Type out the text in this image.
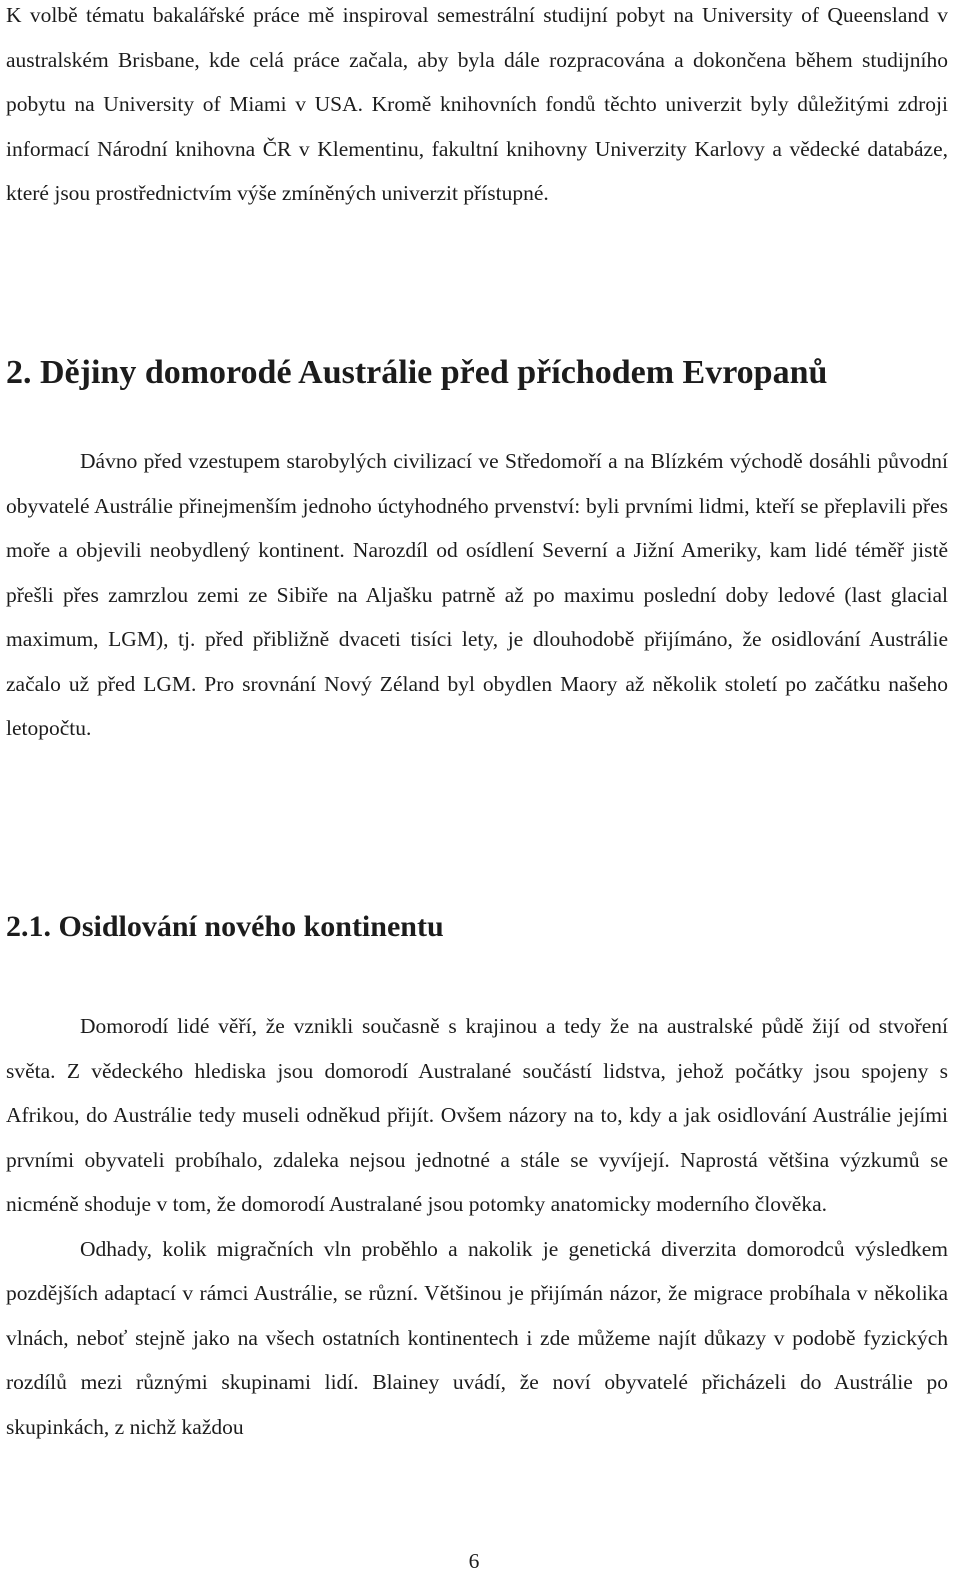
K volbě tématu bakalářské práce mě inspiroval semestrální studijní pobyt na University of Queensland v australském Brisbane, kde celá práce začala, aby byla dále rozpracována a dokončena během studijního pobytu na University of Miami v USA. Kromě knihovních fondů těchto univerzit byly důležitými zdroji informací Národní knihovna ČR v Klementinu, fakultní knihovny Univerzity Karlovy a vědecké databáze, které jsou prostřednictvím výše zmíněných univerzit přístupné.

2. Dějiny domorodé Austrálie před příchodem Evropanů

Dávno před vzestupem starobylých civilizací ve Středomoří a na Blízkém východě dosáhli původní obyvatelé Austrálie přinejmenším jednoho úctyhodného prvenství: byli prvními lidmi, kteří se přeplavili přes moře a objevili neobydlený kontinent. Narozdíl od osídlení Severní a Jižní Ameriky, kam lidé téměř jistě přešli přes zamrzlou zemi ze Sibiře na Aljašku patrně až po maximu poslední doby ledové (last glacial maximum, LGM), tj. před přibližně dvaceti tisíci lety, je dlouhodobě přijímáno, že osidlování Austrálie začalo už před LGM. Pro srovnání Nový Zéland byl obydlen Maory až několik století po začátku našeho letopočtu.

2.1. Osidlování nového kontinentu

Domorodí lidé věří, že vznikli současně s krajinou a tedy že na australské půdě žijí od stvoření světa. Z vědeckého hlediska jsou domorodí Australané součástí lidstva, jehož počátky jsou spojeny s Afrikou, do Austrálie tedy museli odněkud přijít. Ovšem názory na to, kdy a jak osidlování Austrálie jejími prvními obyvateli probíhalo, zdaleka nejsou jednotné a stále se vyvíjejí. Naprostá většina výzkumů se nicméně shoduje v tom, že domorodí Australané jsou potomky anatomicky moderního člověka.

Odhady, kolik migračních vln proběhlo a nakolik je genetická diverzita domorodců výsledkem pozdějších adaptací v rámci Austrálie, se různí. Většinou je přijímán názor, že migrace probíhala v několika vlnách, neboť stejně jako na všech ostatních kontinentech i zde můžeme najít důkazy v podobě fyzických rozdílů mezi různými skupinami lidí. Blainey uvádí, že noví obyvatelé přicházeli do Austrálie po skupinkách, z nichž každou

6
